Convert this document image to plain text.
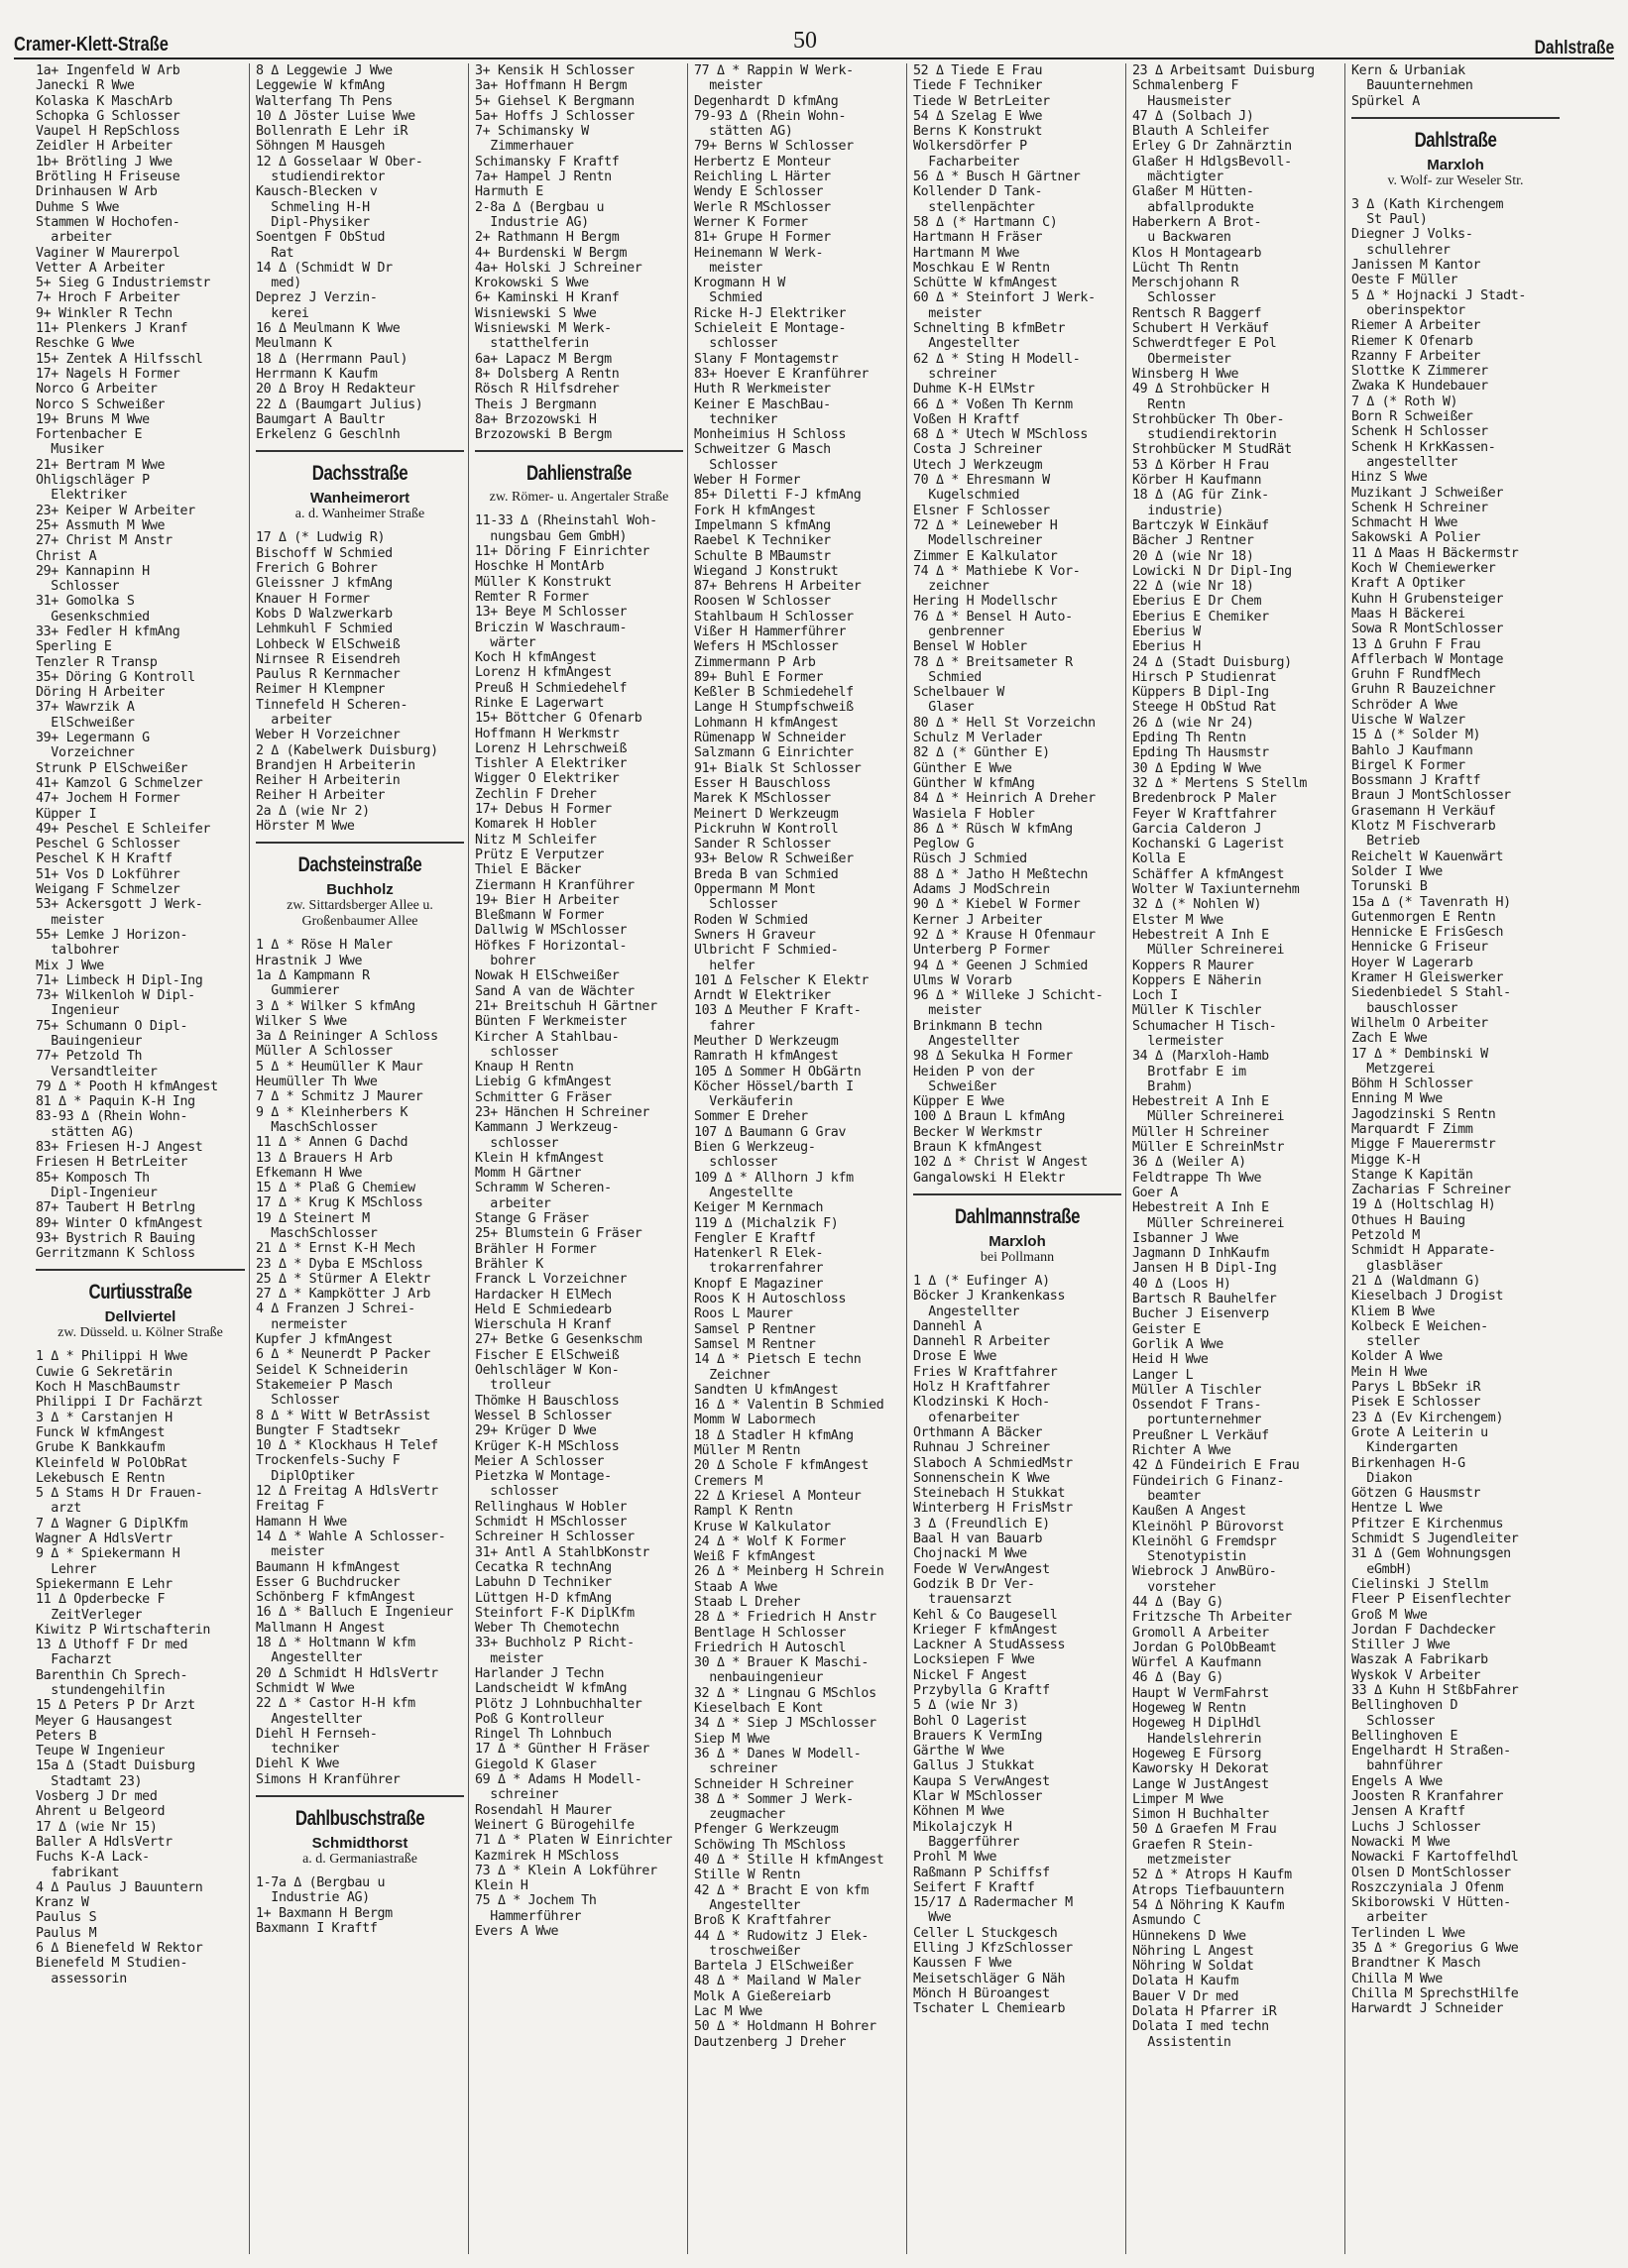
Cramer-Klett-Straße	50	Dahlstraße
1a+ Ingenfeld W Arb
Janecki R Wwe
Kolaska K MaschArb
Schopka G Schlosser
Vaupel H RepSchloss
Zeidler H Arbeiter
1b+ Brötling J Wwe
Brötling H Friseuse
Drinhausen W Arb
Duhme S Wwe
Stammen W Hochofen-
arbeiter
Vaginer W Maurerpol
Vetter A Arbeiter
5+ Sieg G Industriemstr
7+ Hroch F Arbeiter
9+ Winkler R Techn
11+ Plenkers J Kranf
Reschke G Wwe
15+ Zentek A Hilfsschl
17+ Nagels H Former
Norco G Arbeiter
Norco S Schweißer
19+ Bruns M Wwe
Fortenbacher E
Musiker
21+ Bertram M Wwe
Ohligschläger P
Elektriker
23+ Keiper W Arbeiter
25+ Assmuth M Wwe
27+ Christ M Anstr
Christ A
29+ Kannapinn H
Schlosser
31+ Gomolka S
Gesenkschmied
33+ Fedler H kfmAng
Sperling E
Tenzler R Transp
35+ Döring G Kontroll
Döring H Arbeiter
37+ Wawrzik A
ElSchweißer
39+ Legermann G
Vorzeichner
Strunk P ElSchweißer
41+ Kamzol G Schmelzer
47+ Jochem H Former
Küpper I
49+ Peschel E Schleifer
Peschel G Schlosser
Peschel K H Kraftf
51+ Vos D Lokführer
Weigang F Schmelzer
53+ Ackersgott J Werk-
meister
55+ Lemke J Horizon-
talbohrer
Mix J Wwe
71+ Limbeck H Dipl-Ing
73+ Wilkenloh W Dipl-
Ingenieur
75+ Schumann O Dipl-
Bauingenieur
77+ Petzold Th
Versandtleiter
79 Δ * Pooth H kfmAngest
81 Δ * Paquin K-H Ing
83-93 Δ (Rhein Wohn-
stätten AG)
83+ Friesen H-J Angest
Friesen H BetrLeiter
85+ Komposch Th
Dipl-Ingenieur
87+ Taubert H Betrlng
89+ Winter O kfmAngest
93+ Bystrich R Bauing
Gerritzmann K Schloss
Curtiusstraße
Dellviertel
zw. Düsseld. u. Kölner Straße
1 Δ * Philippi H Wwe
Cuwie G Sekretärin
Koch H MaschBaumstr
Philippi I Dr Fachärzt
3 Δ * Carstanjen H
Funck W kfmAngest
Grube K Bankkaufm
Kleinfeld W PolObRat
Lekebusch E Rentn
5 Δ Stams H Dr Frauen-
arzt
7 Δ Wagner G DiplKfm
Wagner A HdlsVertr
9 Δ * Spiekermann H
Lehrer
Spiekermann E Lehr
11 Δ Opderbecke F
ZeitVerleger
Kiwitz P Wirtschafterin
13 Δ Uthoff F Dr med
Facharzt
Barenthin Ch Sprech-
stundengehilfin
15 Δ Peters P Dr Arzt
Meyer G Hausangest
Peters B
Teupe W Ingenieur
15a Δ (Stadt Duisburg
Stadtamt 23)
Vosberg J Dr med
Ahrent u Belgeord
17 Δ (wie Nr 15)
Baller A HdlsVertr
Fuchs K-A Lack-
fabrikant
4 Δ Paulus J Bauuntern
Kranz W
Paulus S
Paulus M
6 Δ Bienefeld W Rektor
Bienefeld M Studien-
assessorin
8 Δ Leggewie J Wwe
Leggewie W kfmAng
Walterfang Th Pens
10 Δ Jöster Luise Wwe
Bollenrath E Lehr iR
Söhngen M Hausgeh
12 Δ Gosselaar W Ober-
studiendirektor
Kausch-Blecken v
Schmeling H-H
Dipl-Physiker
Soentgen F ObStud
Rat
14 Δ (Schmidt W Dr
med)
Deprez J Verzin-
kerei
16 Δ Meulmann K Wwe
Meulmann K
18 Δ (Herrmann Paul)
Herrmann K Kaufm
20 Δ Broy H Redakteur
22 Δ (Baumgart Julius)
Baumgart A Baultr
Erkelenz G Geschlnh
Dachsstraße
Wanheimerort
a. d. Wanheimer Straße
17 Δ (* Ludwig R)
Bischoff W Schmied
Frerich G Bohrer
Gleissner J kfmAng
Knauer H Former
Kobs D Walzwerkarb
Lehmkuhl F Schmied
Lohbeck W ElSchweiß
Nirnsee R Eisendreh
Paulus R Kernmacher
Reimer H Klempner
Tinnefeld H Scheren-
arbeiter
Weber H Vorzeichner
2 Δ (Kabelwerk Duisburg)
Brandjen H Arbeiterin
Reiher H Arbeiterin
Reiher H Arbeiter
2a Δ (wie Nr 2)
Hörster M Wwe
Dachsteinstraße
Buchholz
zw. Sittardsberger Allee u. Großenbaumer Allee
1 Δ * Röse H Maler
Hrastnik J Wwe
1a Δ Kampmann R
Gummierer
3 Δ * Wilker S kfmAng
Wilker S Wwe
3a Δ Reininger A Schloss
Müller A Schlosser
5 Δ * Heumüller K Maur
Heumüller Th Wwe
7 Δ * Schmitz J Maurer
9 Δ * Kleinherbers K
MaschSchlosser
11 Δ * Annen G Dachd
13 Δ Brauers H Arb
Efkemann H Wwe
15 Δ * Plaß G Chemiew
17 Δ * Krug K MSchloss
19 Δ Steinert M
MaschSchlosser
21 Δ * Ernst K-H Mech
23 Δ * Dyba E MSchloss
25 Δ * Stürmer A Elektr
27 Δ * Kampkötter J Arb
4 Δ Franzen J Schrei-
nermeister
Kupfer J kfmAngest
6 Δ * Neunerdt P Packer
Seidel K Schneiderin
Stakemeier P Masch
Schlosser
8 Δ * Witt W BetrAssist
Bungter F Stadtsekr
10 Δ * Klockhaus H Telef
Trockenfels-Suchy F
DiplOptiker
12 Δ Freitag A HdlsVertr
Freitag F
Hamann H Wwe
14 Δ * Wahle A Schlosser-
meister
Baumann H kfmAngest
Esser G Buchdrucker
Schönberg F kfmAngest
16 Δ * Balluch E Ingenieur
Mallmann H Angest
18 Δ * Holtmann W kfm
Angestellter
20 Δ Schmidt H HdlsVertr
Schmidt W Wwe
22 Δ * Castor H-H kfm
Angestellter
Diehl H Fernseh-
techniker
Diehl K Wwe
Simons H Kranführer
Dahlbuschstraße
Schmidthorst
a. d. Germaniastraße
1-7a Δ (Bergbau u
Industrie AG)
1+ Baxmann H Bergm
Baxmann I Kraftf
3+ Kensik H Schlosser
3a+ Hoffmann H Bergm
5+ Giehsel K Bergmann
5a+ Hoffs J Schlosser
7+ Schimansky W
Zimmerhauer
Schimansky F Kraftf
7a+ Hampel J Rentn
Harmuth E
2-8a Δ (Bergbau u
Industrie AG)
2+ Rathmann H Bergm
4+ Burdenski W Bergm
4a+ Holski J Schreiner
Krokowski S Wwe
6+ Kaminski H Kranf
Wisniewski S Wwe
Wisniewski M Werk-
statthelferin
6a+ Lapacz M Bergm
8+ Dolsberg A Rentn
Rösch R Hilfsdreher
Theis J Bergmann
8a+ Brzozowski H
Brzozowski B Bergm
Dahlienstraße
zw. Römer- u. Angertaler Straße
11-33 Δ (Rheinstahl Woh-
nungsbau Gem GmbH)
11+ Döring F Einrichter
Hoschke H MontArb
Müller K Konstrukt
Remter R Former
13+ Beye M Schlosser
Briczin W Waschraum-
wärter
Koch H kfmAngest
Lorenz H kfmAngest
Preuß H Schmiedehelf
Rinke E Lagerwart
15+ Böttcher G Ofenarb
Hoffmann H Werkmstr
Lorenz H Lehrschweiß
Tishler A Elektriker
Wigger O Elektriker
Zechlin F Dreher
17+ Debus H Former
Komarek H Hobler
Nitz M Schleifer
Prütz E Verputzer
Thiel E Bäcker
Ziermann H Kranführer
19+ Bier H Arbeiter
Bleßmann W Former
Dallwig W MSchlosser
Höfkes F Horizontal-
bohrer
Nowak H ElSchweißer
Sand A van de Wächter
21+ Breitschuh H Gärtner
Bünten F Werkmeister
Kircher A Stahlbau-
schlosser
Knaup H Rentn
Liebig G kfmAngest
Schmitter G Fräser
23+ Hänchen H Schreiner
Kammann J Werkzeug-
schlosser
Klein H kfmAngest
Momm H Gärtner
Schramm W Scheren-
arbeiter
Stange G Fräser
25+ Blumstein G Fräser
Brähler H Former
Brähler K
Franck L Vorzeichner
Hardacker H ElMech
Held E Schmiedearb
Wierschula H Kranf
27+ Betke G Gesenkschm
Fischer E ElSchweiß
Oehlschläger W Kon-
trolleur
Thömke H Bauschloss
Wessel B Schlosser
29+ Krüger D Wwe
Krüger K-H MSchloss
Meier A Schlosser
Pietzka W Montage-
schlosser
Rellinghaus W Hobler
Schmidt H MSchlosser
Schreiner H Schlosser
31+ Antl A StahlbKonstr
Cecatka R technAng
Labuhn D Techniker
Lüttgen H-D kfmAng
Steinfort F-K DiplKfm
Weber Th Chemotechn
33+ Buchholz P Richt-
meister
Harlander J Techn
Landscheidt W kfmAng
Plötz J Lohnbuchhalter
Poß G Kontrolleur
Ringel Th Lohnbuch
17 Δ * Günther H Fräser
Giegold K Glaser
69 Δ * Adams H Modell-
schreiner
Rosendahl H Maurer
Weinert G Bürogehilfe
71 Δ * Platen W Einrichter
Kazmirek H MSchloss
73 Δ * Klein A Lokführer
Klein H
75 Δ * Jochem Th
Hammerführer
Evers A Wwe
77 Δ * Rappin W Werk-
meister
Degenhardt D kfmAng
79-93 Δ (Rhein Wohn-
stätten AG)
79+ Berns W Schlosser
Herbertz E Monteur
Reichling L Härter
Wendy E Schlosser
Werle R MSchlosser
Werner K Former
81+ Grupe H Former
Heinemann W Werk-
meister
Krogmann H W
Schmied
Ricke H-J Elektriker
Schieleit E Montage-
schlosser
Slany F Montagemstr
83+ Hoever E Kranführer
Huth R Werkmeister
Keiner E MaschBau-
techniker
Monheimius H Schloss
Schweitzer G Masch
Schlosser
Weber H Former
85+ Diletti F-J kfmAng
Fork H kfmAngest
Impelmann S kfmAng
Raebel K Techniker
Schulte B MBaumstr
Wiegand J Konstrukt
87+ Behrens H Arbeiter
Roosen W Schlosser
Stahlbaum H Schlosser
Vißer H Hammerführer
Wefers H MSchlosser
Zimmermann P Arb
89+ Buhl E Former
Keßler B Schmiedehelf
Lange H Stumpfschweiß
Lohmann H kfmAngest
Rümenapp W Schneider
Salzmann G Einrichter
91+ Bialk St Schlosser
Esser H Bauschloss
Marek K MSchlosser
Meinert D Werkzeugm
Pickruhn W Kontroll
Sander R Schlosser
93+ Below R Schweißer
Breda B van Schmied
Oppermann M Mont
Schlosser
Roden W Schmied
Swners H Graveur
Ulbricht F Schmied-
helfer
101 Δ Felscher K Elektr
Arndt W Elektriker
103 Δ Meuther F Kraft-
fahrer
Meuther D Werkzeugm
Ramrath H kfmAngest
105 Δ Sommer H ObGärtn
Köcher Hössel/barth I
Verkäuferin
Sommer E Dreher
107 Δ Baumann G Grav
Bien G Werkzeug-
schlosser
109 Δ * Allhorn J kfm
Angestellte
Keiger M Kernmach
119 Δ (Michalzik F)
Fengler E Kraftf
Hatenkerl R Elek-
trokarrenfahrer
Knopf E Magaziner
Roos K H Autoschloss
Roos L Maurer
Samsel P Rentner
Samsel M Rentner
14 Δ * Pietsch E techn
Zeichner
Sandten U kfmAngest
16 Δ * Valentin B Schmied
Momm W Labormech
18 Δ Stadler H kfmAng
Müller M Rentn
20 Δ Schole F kfmAngest
Cremers M
22 Δ Kriesel A Monteur
Rampl K Rentn
Kruse W Kalkulator
24 Δ * Wolf K Former
Weiß F kfmAngest
26 Δ * Meinberg H Schrein
Staab A Wwe
Staab L Dreher
28 Δ * Friedrich H Anstr
Bentlage H Schlosser
Friedrich H Autoschl
30 Δ * Brauer K Maschi-
nenbauingenieur
32 Δ * Lingnau G MSchlos
Kieselbach E Kont
34 Δ * Siep J MSchlosser
Siep M Wwe
36 Δ * Danes W Modell-
schreiner
Schneider H Schreiner
38 Δ * Sommer J Werk-
zeugmacher
Pfenger G Werkzeugm
Schöwing Th MSchloss
40 Δ * Stille H kfmAngest
Stille W Rentn
42 Δ * Bracht E von kfm
Angestellter
Broß K Kraftfahrer
44 Δ * Rudowitz J Elek-
troschweißer
Bartela J ElSchweißer
48 Δ * Mailand W Maler
Molk A Gießereiarb
Lac M Wwe
50 Δ * Holdmann H Bohrer
Dautzenberg J Dreher
52 Δ Tiede E Frau
Tiede F Techniker
Tiede W BetrLeiter
54 Δ Szelag E Wwe
Berns K Konstrukt
Wolkersdörfer P
Facharbeiter
56 Δ * Busch H Gärtner
Kollender D Tank-
stellenpächter
58 Δ (* Hartmann C)
Hartmann H Fräser
Hartmann M Wwe
Moschkau E W Rentn
Schütte W kfmAngest
60 Δ * Steinfort J Werk-
meister
Schnelting B kfmBetr
Angestellter
62 Δ * Sting H Modell-
schreiner
Duhme K-H ElMstr
66 Δ * Voßen Th Kernm
Voßen H Kraftf
68 Δ * Utech W MSchloss
Costa J Schreiner
Utech J Werkzeugm
70 Δ * Ehresmann W
Kugelschmied
Elsner F Schlosser
72 Δ * Leineweber H
Modellschreiner
Zimmer E Kalkulator
74 Δ * Mathiebe K Vor-
zeichner
Hering H Modellschr
76 Δ * Bensel H Auto-
genbrenner
Bensel W Hobler
78 Δ * Breitsameter R
Schmied
Schelbauer W
Glaser
80 Δ * Hell St Vorzeichn
Schulz M Verlader
82 Δ (* Günther E)
Günther E Wwe
Günther W kfmAng
84 Δ * Heinrich A Dreher
Wasiela F Hobler
86 Δ * Rüsch W kfmAng
Peglow G
Rüsch J Schmied
88 Δ * Jatho H Meßtechn
Adams J ModSchrein
90 Δ * Kiebel W Former
Kerner J Arbeiter
92 Δ * Krause H Ofenmaur
Unterberg P Former
94 Δ * Geenen J Schmied
Ulms W Vorarb
96 Δ * Willeke J Schicht-
meister
Brinkmann B techn
Angestellter
98 Δ Sekulka H Former
Heiden P von der
Schweißer
Küpper E Wwe
100 Δ Braun L kfmAng
Becker W Werkmstr
Braun K kfmAngest
102 Δ * Christ W Angest
Gangalowski H Elektr
Dahlmannstraße
Marxloh
bei Pollmann
1 Δ (* Eufinger A)
Böcker J Krankenkass
Angestellter
Dannehl A
Dannehl R Arbeiter
Drose E Wwe
Fries W Kraftfahrer
Holz H Kraftfahrer
Klodzinski K Hoch-
ofenarbeiter
Orthmann A Bäcker
Ruhnau J Schreiner
Slaboch A SchmiedMstr
Sonnenschein K Wwe
Steinebach H Stukkat
Winterberg H FrisMstr
3 Δ (Freundlich E)
Baal H van Bauarb
Chojnacki M Wwe
Foede W VerwAngest
Godzik B Dr Ver-
trauensarzt
Kehl & Co Baugesell
Krieger F kfmAngest
Lackner A StudAssess
Locksiepen F Wwe
Nickel F Angest
Przybylla G Kraftf
5 Δ (wie Nr 3)
Bohl O Lagerist
Brauers K VermIng
Gärthe W Wwe
Gallus J Stukkat
Kaupa S VerwAngest
Klar W MSchlosser
Köhnen M Wwe
Mikolajczyk H
Baggerführer
Prohl M Wwe
Raßmann P Schiffsf
Seifert F Kraftf
15/17 Δ Radermacher M
Wwe
Celler L Stuckgesch
Elling J KfzSchlosser
Kaussen F Wwe
Meisetschläger G Näh
Mönch H Büroangest
Tschater L Chemiearb
23 Δ Arbeitsamt Duisburg
Schmalenberg F
Hausmeister
47 Δ (Solbach J)
Blauth A Schleifer
Erley G Dr Zahnärztin
Glaßer H HdlgsBevoll-
mächtigter
Glaßer M Hütten-
abfallprodukte
Haberkern A Brot-
u Backwaren
Klos H Montagearb
Lücht Th Rentn
Merschjohann R
Schlosser
Rentsch R Baggerf
Schubert H Verkäuf
Schwerdtfeger E Pol
Obermeister
Winsberg H Wwe
49 Δ Strohbücker H
Rentn
Strohbücker Th Ober-
studiendirektorin
Strohbücker M StudRät
53 Δ Körber H Frau
Körber H Kaufmann
18 Δ (AG für Zink-
industrie)
Bartczyk W Einkäuf
Bächer J Rentner
20 Δ (wie Nr 18)
Lowicki N Dr Dipl-Ing
22 Δ (wie Nr 18)
Eberius E Dr Chem
Eberius E Chemiker
Eberius W
Eberius H
24 Δ (Stadt Duisburg)
Hirsch P Studienrat
Küppers B Dipl-Ing
Steege H ObStud Rat
26 Δ (wie Nr 24)
Epding Th Rentn
Epding Th Hausmstr
30 Δ Epding W Wwe
32 Δ * Mertens S Stellm
Bredenbrock P Maler
Feyer W Kraftfahrer
Garcia Calderon J
Kochanski G Lagerist
Kolla E
Schäffer A kfmAngest
Wolter W Taxiunternehm
32 Δ (* Nohlen W)
Elster M Wwe
Hebestreit A Inh E
Müller Schreinerei
Koppers R Maurer
Koppers E Näherin
Loch I
Müller K Tischler
Schumacher H Tisch-
lermeister
34 Δ (Marxloh-Hamb
Brotfabr E im
Brahm)
Hebestreit A Inh E
Müller Schreinerei
Müller H Schreiner
Müller E SchreinMstr
36 Δ (Weiler A)
Feldtrappe Th Wwe
Goer A
Hebestreit A Inh E
Müller Schreinerei
Isbanner J Wwe
Jagmann D InhKaufm
Jansen H B Dipl-Ing
40 Δ (Loos H)
Bartsch R Bauhelfer
Bucher J Eisenverp
Geister E
Gorlik A Wwe
Heid H Wwe
Langer L
Müller A Tischler
Ossendot F Trans-
portunternehmer
Preußner L Verkäuf
Richter A Wwe
42 Δ Fündeirich E Frau
Fündeirich G Finanz-
beamter
Kaußen A Angest
Kleinöhl P Bürovorst
Kleinöhl G Fremdspr
Stenotypistin
Wiebrock J AnwBüro-
vorsteher
44 Δ (Bay G)
Fritzsche Th Arbeiter
Gromoll A Arbeiter
Jordan G PolObBeamt
Würfel A Kaufmann
46 Δ (Bay G)
Haupt W VermFahrst
Hogeweg W Rentn
Hogeweg H DiplHdl
Handelslehrerin
Hogeweg E Fürsorg
Kaworsky H Dekorat
Lange W JustAngest
Limper M Wwe
Simon H Buchhalter
50 Δ Graefen M Frau
Graefen R Stein-
metzmeister
52 Δ * Atrops H Kaufm
Atrops Tiefbauuntern
54 Δ Nöhring K Kaufm
Asmundo C
Hünnekens D Wwe
Nöhring L Angest
Nöhring W Soldat
Dolata H Kaufm
Bauer V Dr med
Dolata H Pfarrer iR
Dolata I med techn
Assistentin
Kern & Urbaniak
Bauunternehmen
Spürkel A
Dahlstraße
Marxloh
v. Wolf- zur Weseler Str.
3 Δ (Kath Kirchengem
St Paul)
Diegner J Volks-
schullehrer
Janissen M Kantor
Oeste F Müller
5 Δ * Hojnacki J Stadt-
oberinspektor
Riemer A Arbeiter
Riemer K Ofenarb
Rzanny F Arbeiter
Slottke K Zimmerer
Zwaka K Hundebauer
7 Δ (* Roth W)
Born R Schweißer
Schenk H Schlosser
Schenk H KrkKassen-
angestellter
Hinz S Wwe
Muzikant J Schweißer
Schenk H Schreiner
Schmacht H Wwe
Sakowski A Polier
11 Δ Maas H Bäckermstr
Koch W Chemiewerker
Kraft A Optiker
Kuhn H Grubensteiger
Maas H Bäckerei
Sowa R MontSchlosser
13 Δ Gruhn F Frau
Afflerbach W Montage
Gruhn F RundfMech
Gruhn R Bauzeichner
Schröder A Wwe
Uische W Walzer
15 Δ (* Solder M)
Bahlo J Kaufmann
Birgel K Former
Bossmann J Kraftf
Braun J MontSchlosser
Grasemann H Verkäuf
Klotz M Fischverarb
Betrieb
Reichelt W Kauenwärt
Solder I Wwe
Torunski B
15a Δ (* Tavenrath H)
Gutenmorgen E Rentn
Hennicke E FrisGesch
Hennicke G Friseur
Hoyer W Lagerarb
Kramer H Gleiswerker
Siedenbiedel S Stahl-
bauschlosser
Wilhelm O Arbeiter
Zach E Wwe
17 Δ * Dembinski W
Metzgerei
Böhm H Schlosser
Enning M Wwe
Jagodzinski S Rentn
Marquardt F Zimm
Migge F Mauerermstr
Migge K-H
Stange K Kapitän
Zacharias F Schreiner
19 Δ (Holtschlag H)
Othues H Bauing
Petzold M
Schmidt H Apparate-
glasbläser
21 Δ (Waldmann G)
Kieselbach J Drogist
Kliem B Wwe
Kolbeck E Weichen-
steller
Kolder A Wwe
Mein H Wwe
Parys L BbSekr iR
Pisek E Schlosser
23 Δ (Ev Kirchengem)
Grote A Leiterin u
Kindergarten
Birkenhagen H-G
Diakon
Götzen G Hausmstr
Hentze L Wwe
Pfitzer E Kirchenmus
Schmidt S Jugendleiter
31 Δ (Gem Wohnungsgen
eGmbH)
Cielinski J Stellm
Fleer P Eisenflechter
Groß M Wwe
Jordan F Dachdecker
Stiller J Wwe
Waszak A Fabrikarb
Wyskok V Arbeiter
33 Δ Kuhn H StßbFahrer
Bellinghoven D
Schlosser
Bellinghoven E
Engelhardt H Straßen-
bahnführer
Engels A Wwe
Joosten R Kranfahrer
Jensen A Kraftf
Luchs J Schlosser
Nowacki M Wwe
Nowacki F Kartoffelhdl
Olsen D MontSchlosser
Roszczyniala J Ofenm
Skiborowski V Hütten-
arbeiter
Terlinden L Wwe
35 Δ * Gregorius G Wwe
Brandtner K Masch
Chilla M Wwe
Chilla M SprechstHilfe
Harwardt J Schneider
